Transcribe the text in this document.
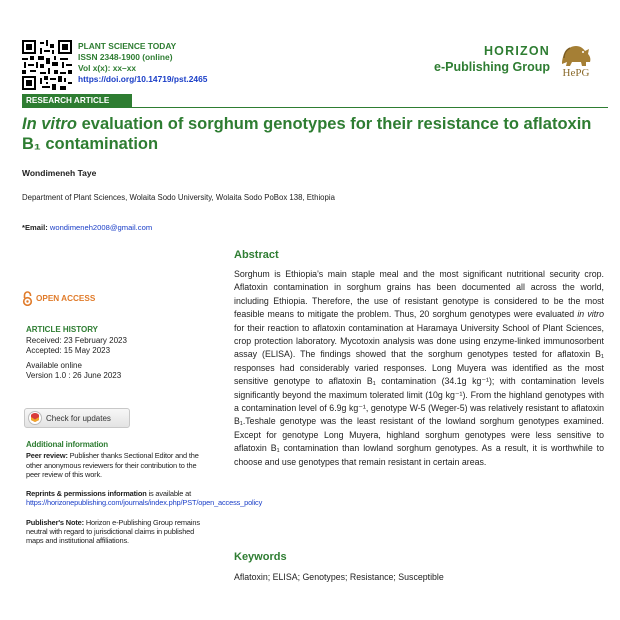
PLANT SCIENCE TODAY
ISSN 2348-1900 (online)
Vol x(x): xx–xx
https://doi.org/10.14719/pst.2465
HORIZON
e-Publishing Group	HePG
RESEARCH ARTICLE
In vitro evaluation of sorghum genotypes for their resistance to aflatoxin B₁ contamination
Wondimeneh Taye
Department of Plant Sciences, Wolaita Sodo University, Wolaita Sodo PoBox 138, Ethiopia
*Email: wondimeneh2008@gmail.com
OPEN ACCESS
ARTICLE HISTORY
Received: 23 February 2023
Accepted: 15 May 2023
Available online
Version 1.0 : 26 June 2023
Check for updates
Additional information
Peer review: Publisher thanks Sectional Editor and the other anonymous reviewers for their contribution to the peer review of this work.
Reprints & permissions information is available at https://horizonepublishing.com/journals/index.php/PST/open_access_policy
Publisher's Note: Horizon e-Publishing Group remains neutral with regard to jurisdictional claims in published maps and institutional affiliations.
Abstract
Sorghum is Ethiopia's main staple meal and the most significant nutritional security crop. Aflatoxin contamination in sorghum grains has been documented all across the world, including Ethiopia. Therefore, the use of resistant genotype is considered to be the most feasible means to mitigate the problem. Thus, 20 sorghum genotypes were evaluated in vitro for their reaction to aflatoxin contamination at Haramaya University School of Plant Sciences, crop protection laboratory. Mycotoxin analysis was done using enzyme-linked immunosorbent assay (ELISA). The findings showed that the sorghum genotypes tested for aflatoxin B₁ responses had considerably varied responses. Long Muyera was identified as the most sensitive genotype to aflatoxin B₁ contamination (34.1g kg⁻¹); with contamination levels significantly beyond the maximum tolerated limit (10g kg⁻¹). From the highland genotypes with a contamination level of 6.9g kg⁻¹, genotype W-5 (Weger-5) was relatively resistant to aflatoxin B₁.Teshale genotype was the least resistant of the lowland sorghum genotypes examined. Except for genotype Long Muyera, highland sorghum genotypes were less sensitive to aflatoxin B₁ contamination than lowland sorghum genotypes. As a result, it is worthwhile to choose and use genotypes that remain resistant in certain areas.
Keywords
Aflatoxin; ELISA; Genotypes; Resistance; Susceptible
